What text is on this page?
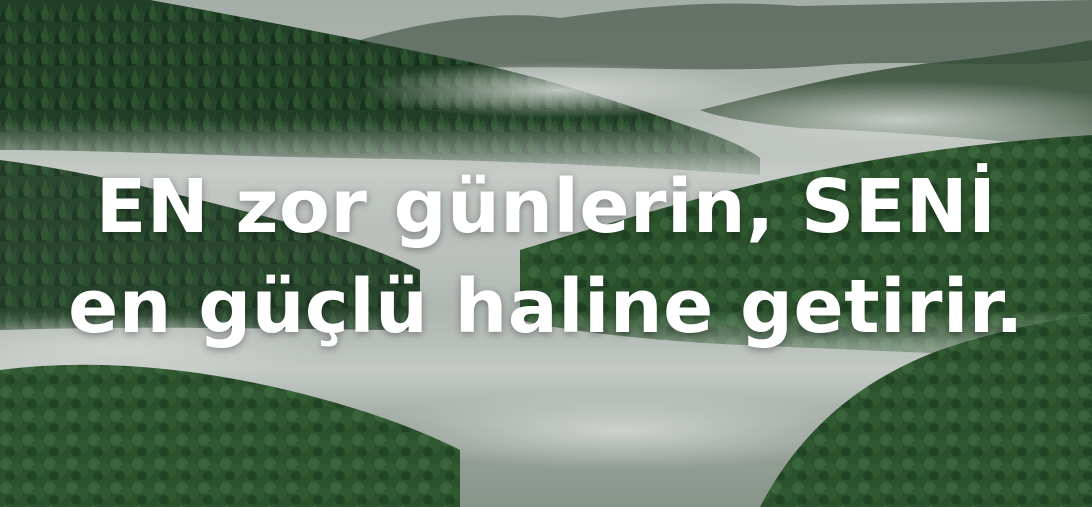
EN zor günlerin, SENİ
en güçlü haline getirir.
